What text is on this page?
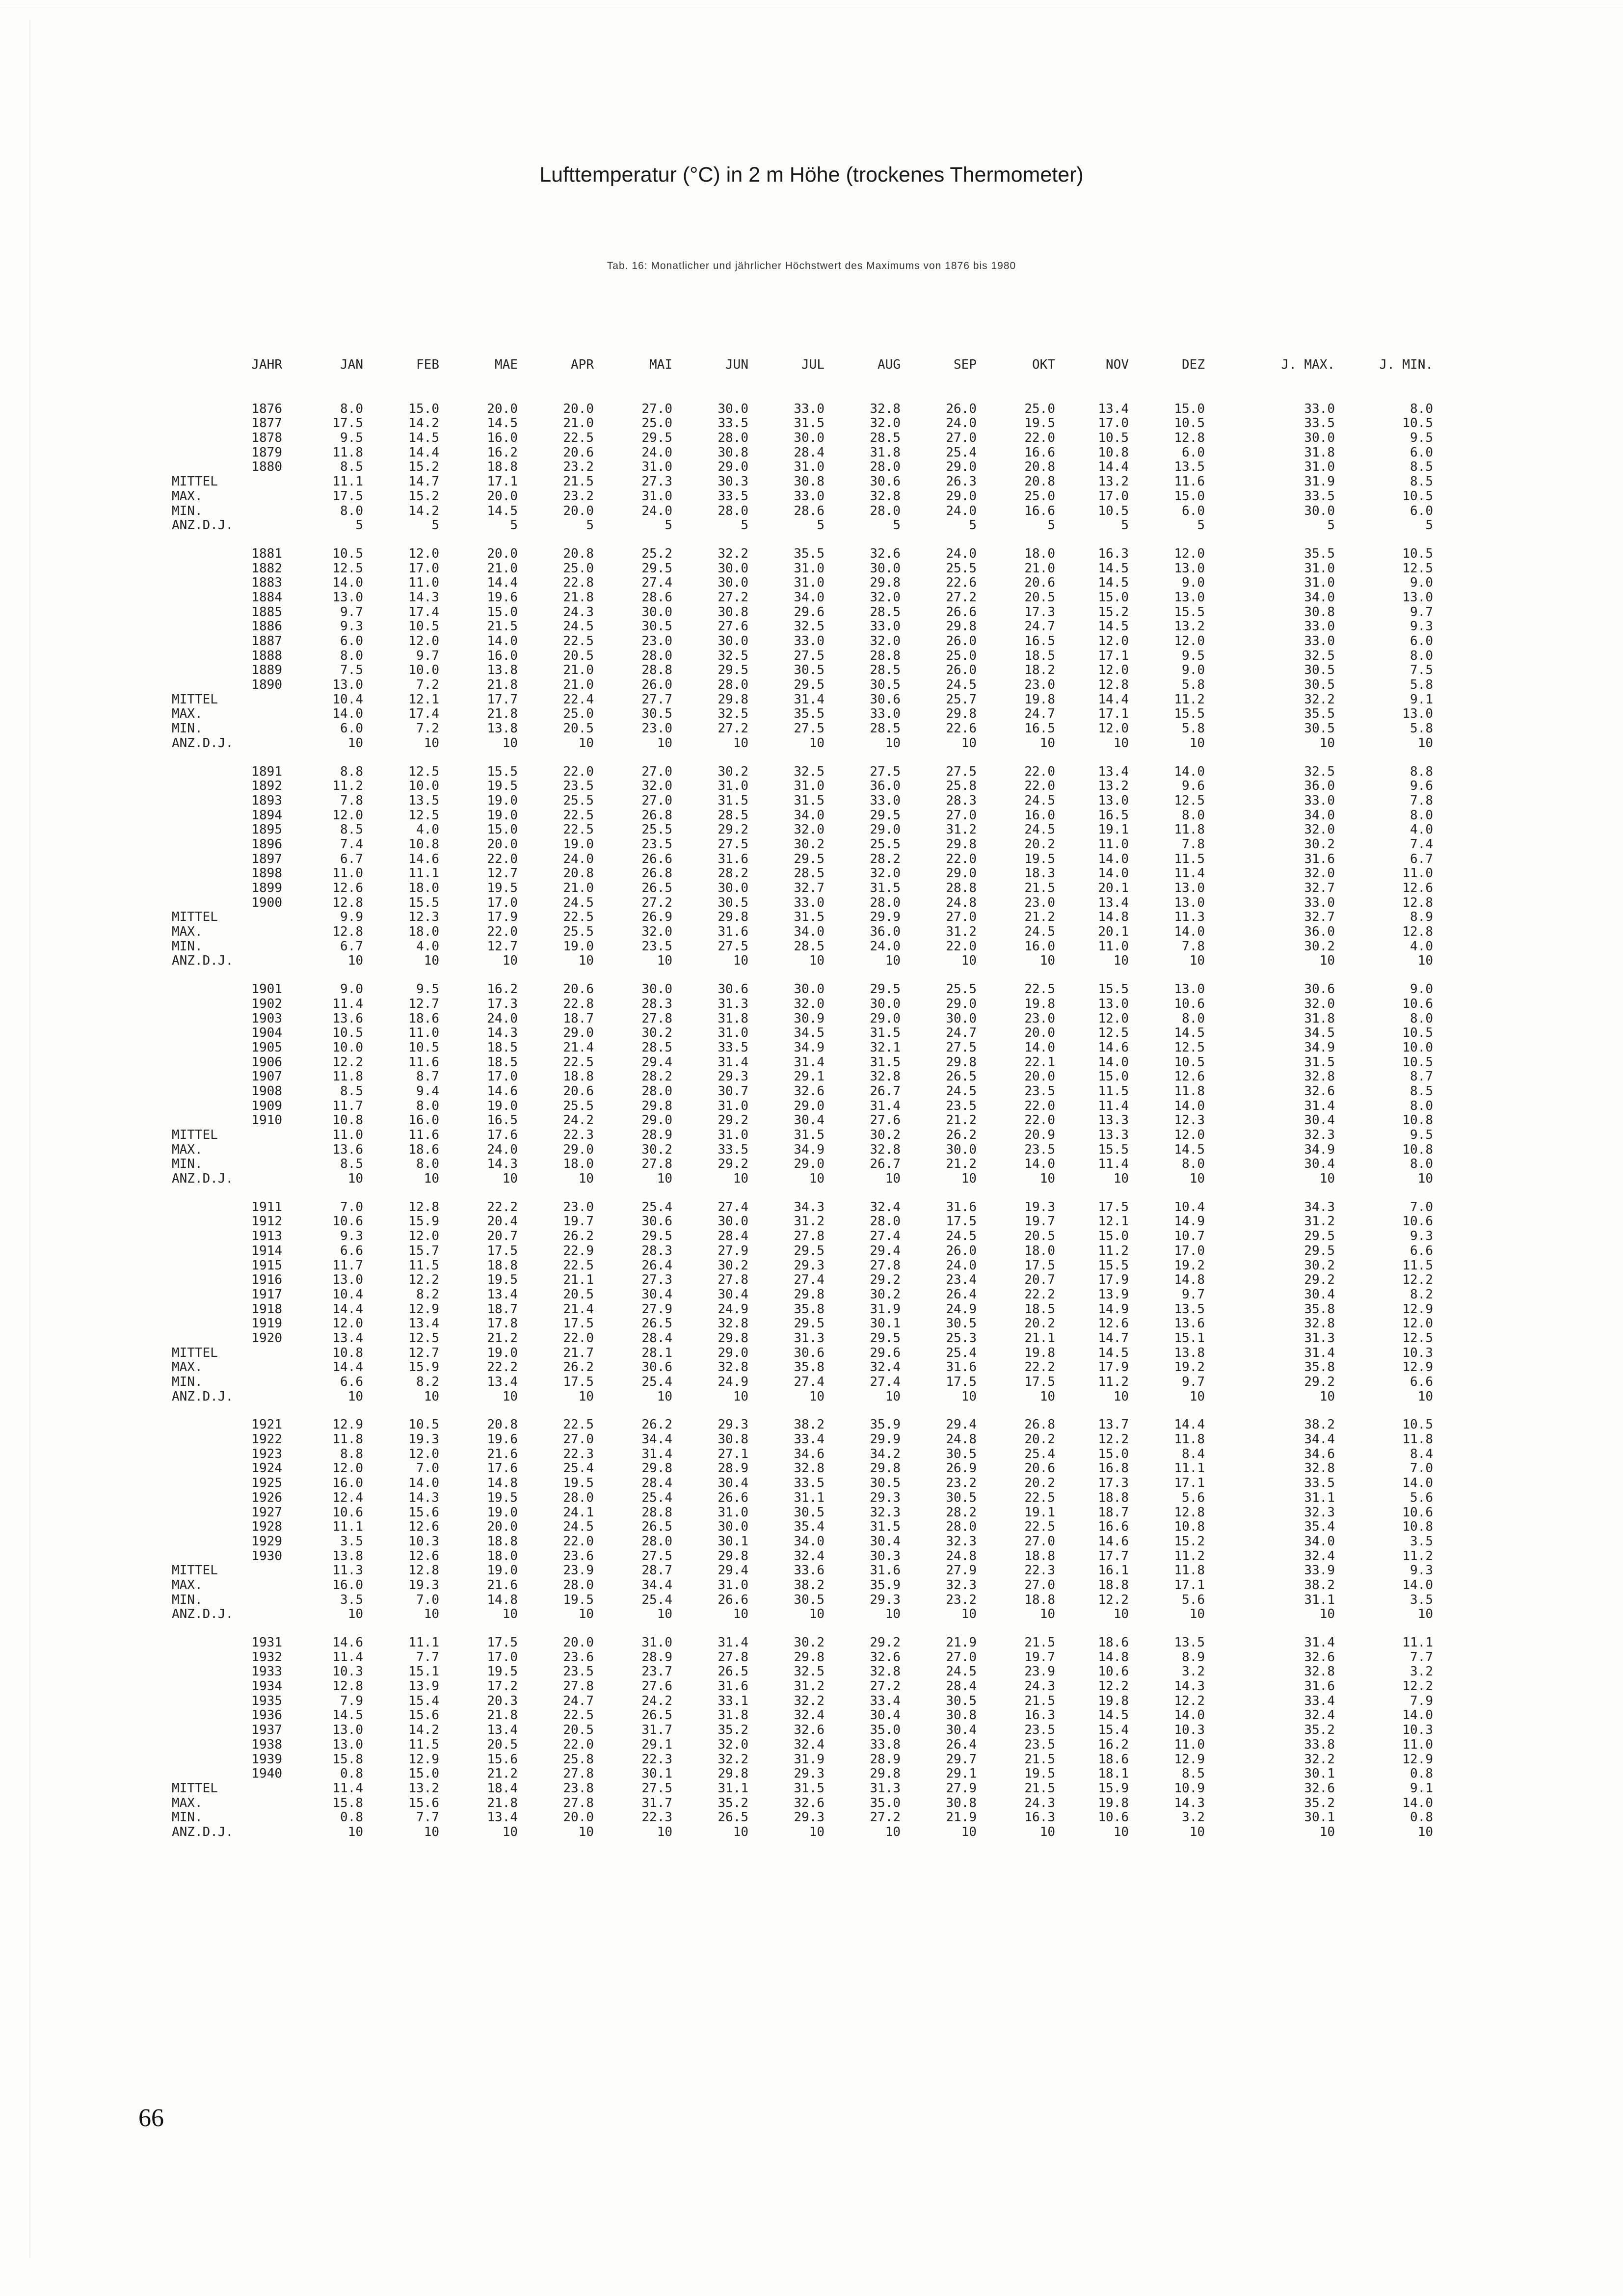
Lufttemperatur (°C) in 2 m Höhe (trockenes Thermometer)
Tab. 16: Monatlicher und jährlicher Höchstwert des Maximums von 1876 bis 1980
JAHR	JAN	FEB	MAE	APR	MAI	JUN	JUL	AUG	SEP	OKT	NOV	DEZ	J. MAX.	J. MIN.
1876	8.0	15.0	20.0	20.0	27.0	30.0	33.0	32.8	26.0	25.0	13.4	15.0	33.0	8.0
1877	17.5	14.2	14.5	21.0	25.0	33.5	31.5	32.0	24.0	19.5	17.0	10.5	33.5	10.5
1878	9.5	14.5	16.0	22.5	29.5	28.0	30.0	28.5	27.0	22.0	10.5	12.8	30.0	9.5
1879	11.8	14.4	16.2	20.6	24.0	30.8	28.4	31.8	25.4	16.6	10.8	6.0	31.8	6.0
1880	8.5	15.2	18.8	23.2	31.0	29.0	31.0	28.0	29.0	20.8	14.4	13.5	31.0	8.5
MITTEL	11.1	14.7	17.1	21.5	27.3	30.3	30.8	30.6	26.3	20.8	13.2	11.6	31.9	8.5
MAX.	17.5	15.2	20.0	23.2	31.0	33.5	33.0	32.8	29.0	25.0	17.0	15.0	33.5	10.5
MIN.	8.0	14.2	14.5	20.0	24.0	28.0	28.6	28.0	24.0	16.6	10.5	6.0	30.0	6.0
ANZ.D.J.	5	5	5	5	5	5	5	5	5	5	5	5	5	5
1881	10.5	12.0	20.0	20.8	25.2	32.2	35.5	32.6	24.0	18.0	16.3	12.0	35.5	10.5
1882	12.5	17.0	21.0	25.0	29.5	30.0	31.0	30.0	25.5	21.0	14.5	13.0	31.0	12.5
1883	14.0	11.0	14.4	22.8	27.4	30.0	31.0	29.8	22.6	20.6	14.5	9.0	31.0	9.0
1884	13.0	14.3	19.6	21.8	28.6	27.2	34.0	32.0	27.2	20.5	15.0	13.0	34.0	13.0
1885	9.7	17.4	15.0	24.3	30.0	30.8	29.6	28.5	26.6	17.3	15.2	15.5	30.8	9.7
1886	9.3	10.5	21.5	24.5	30.5	27.6	32.5	33.0	29.8	24.7	14.5	13.2	33.0	9.3
1887	6.0	12.0	14.0	22.5	23.0	30.0	33.0	32.0	26.0	16.5	12.0	12.0	33.0	6.0
1888	8.0	9.7	16.0	20.5	28.0	32.5	27.5	28.8	25.0	18.5	17.1	9.5	32.5	8.0
1889	7.5	10.0	13.8	21.0	28.8	29.5	30.5	28.5	26.0	18.2	12.0	9.0	30.5	7.5
1890	13.0	7.2	21.8	21.0	26.0	28.0	29.5	30.5	24.5	23.0	12.8	5.8	30.5	5.8
MITTEL	10.4	12.1	17.7	22.4	27.7	29.8	31.4	30.6	25.7	19.8	14.4	11.2	32.2	9.1
MAX.	14.0	17.4	21.8	25.0	30.5	32.5	35.5	33.0	29.8	24.7	17.1	15.5	35.5	13.0
MIN.	6.0	7.2	13.8	20.5	23.0	27.2	27.5	28.5	22.6	16.5	12.0	5.8	30.5	5.8
ANZ.D.J.	10	10	10	10	10	10	10	10	10	10	10	10	10	10
1891	8.8	12.5	15.5	22.0	27.0	30.2	32.5	27.5	27.5	22.0	13.4	14.0	32.5	8.8
1892	11.2	10.0	19.5	23.5	32.0	31.0	31.0	36.0	25.8	22.0	13.2	9.6	36.0	9.6
1893	7.8	13.5	19.0	25.5	27.0	31.5	31.5	33.0	28.3	24.5	13.0	12.5	33.0	7.8
1894	12.0	12.5	19.0	22.5	26.8	28.5	34.0	29.5	27.0	16.0	16.5	8.0	34.0	8.0
1895	8.5	4.0	15.0	22.5	25.5	29.2	32.0	29.0	31.2	24.5	19.1	11.8	32.0	4.0
1896	7.4	10.8	20.0	19.0	23.5	27.5	30.2	25.5	29.8	20.2	11.0	7.8	30.2	7.4
1897	6.7	14.6	22.0	24.0	26.6	31.6	29.5	28.2	22.0	19.5	14.0	11.5	31.6	6.7
1898	11.0	11.1	12.7	20.8	26.8	28.2	28.5	32.0	29.0	18.3	14.0	11.4	32.0	11.0
1899	12.6	18.0	19.5	21.0	26.5	30.0	32.7	31.5	28.8	21.5	20.1	13.0	32.7	12.6
1900	12.8	15.5	17.0	24.5	27.2	30.5	33.0	28.0	24.8	23.0	13.4	13.0	33.0	12.8
MITTEL	9.9	12.3	17.9	22.5	26.9	29.8	31.5	29.9	27.0	21.2	14.8	11.3	32.7	8.9
MAX.	12.8	18.0	22.0	25.5	32.0	31.6	34.0	36.0	31.2	24.5	20.1	14.0	36.0	12.8
MIN.	6.7	4.0	12.7	19.0	23.5	27.5	28.5	24.0	22.0	16.0	11.0	7.8	30.2	4.0
ANZ.D.J.	10	10	10	10	10	10	10	10	10	10	10	10	10	10
1901	9.0	9.5	16.2	20.6	30.0	30.6	30.0	29.5	25.5	22.5	15.5	13.0	30.6	9.0
1902	11.4	12.7	17.3	22.8	28.3	31.3	32.0	30.0	29.0	19.8	13.0	10.6	32.0	10.6
1903	13.6	18.6	24.0	18.7	27.8	31.8	30.9	29.0	30.0	23.0	12.0	8.0	31.8	8.0
1904	10.5	11.0	14.3	29.0	30.2	31.0	34.5	31.5	24.7	20.0	12.5	14.5	34.5	10.5
1905	10.0	10.5	18.5	21.4	28.5	33.5	34.9	32.1	27.5	14.0	14.6	12.5	34.9	10.0
1906	12.2	11.6	18.5	22.5	29.4	31.4	31.4	31.5	29.8	22.1	14.0	10.5	31.5	10.5
1907	11.8	8.7	17.0	18.8	28.2	29.3	29.1	32.8	26.5	20.0	15.0	12.6	32.8	8.7
1908	8.5	9.4	14.6	20.6	28.0	30.7	32.6	26.7	24.5	23.5	11.5	11.8	32.6	8.5
1909	11.7	8.0	19.0	25.5	29.8	31.0	29.0	31.4	23.5	22.0	11.4	14.0	31.4	8.0
1910	10.8	16.0	16.5	24.2	29.0	29.2	30.4	27.6	21.2	22.0	13.3	12.3	30.4	10.8
MITTEL	11.0	11.6	17.6	22.3	28.9	31.0	31.5	30.2	26.2	20.9	13.3	12.0	32.3	9.5
MAX.	13.6	18.6	24.0	29.0	30.2	33.5	34.9	32.8	30.0	23.5	15.5	14.5	34.9	10.8
MIN.	8.5	8.0	14.3	18.0	27.8	29.2	29.0	26.7	21.2	14.0	11.4	8.0	30.4	8.0
ANZ.D.J.	10	10	10	10	10	10	10	10	10	10	10	10	10	10
1911	7.0	12.8	22.2	23.0	25.4	27.4	34.3	32.4	31.6	19.3	17.5	10.4	34.3	7.0
1912	10.6	15.9	20.4	19.7	30.6	30.0	31.2	28.0	17.5	19.7	12.1	14.9	31.2	10.6
1913	9.3	12.0	20.7	26.2	29.5	28.4	27.8	27.4	24.5	20.5	15.0	10.7	29.5	9.3
1914	6.6	15.7	17.5	22.9	28.3	27.9	29.5	29.4	26.0	18.0	11.2	17.0	29.5	6.6
1915	11.7	11.5	18.8	22.5	26.4	30.2	29.3	27.8	24.0	17.5	15.5	19.2	30.2	11.5
1916	13.0	12.2	19.5	21.1	27.3	27.8	27.4	29.2	23.4	20.7	17.9	14.8	29.2	12.2
1917	10.4	8.2	13.4	20.5	30.4	30.4	29.8	30.2	26.4	22.2	13.9	9.7	30.4	8.2
1918	14.4	12.9	18.7	21.4	27.9	24.9	35.8	31.9	24.9	18.5	14.9	13.5	35.8	12.9
1919	12.0	13.4	17.8	17.5	26.5	32.8	29.5	30.1	30.5	20.2	12.6	13.6	32.8	12.0
1920	13.4	12.5	21.2	22.0	28.4	29.8	31.3	29.5	25.3	21.1	14.7	15.1	31.3	12.5
MITTEL	10.8	12.7	19.0	21.7	28.1	29.0	30.6	29.6	25.4	19.8	14.5	13.8	31.4	10.3
MAX.	14.4	15.9	22.2	26.2	30.6	32.8	35.8	32.4	31.6	22.2	17.9	19.2	35.8	12.9
MIN.	6.6	8.2	13.4	17.5	25.4	24.9	27.4	27.4	17.5	17.5	11.2	9.7	29.2	6.6
ANZ.D.J.	10	10	10	10	10	10	10	10	10	10	10	10	10	10
1921	12.9	10.5	20.8	22.5	26.2	29.3	38.2	35.9	29.4	26.8	13.7	14.4	38.2	10.5
1922	11.8	19.3	19.6	27.0	34.4	30.8	33.4	29.9	24.8	20.2	12.2	11.8	34.4	11.8
1923	8.8	12.0	21.6	22.3	31.4	27.1	34.6	34.2	30.5	25.4	15.0	8.4	34.6	8.4
1924	12.0	7.0	17.6	25.4	29.8	28.9	32.8	29.8	26.9	20.6	16.8	11.1	32.8	7.0
1925	16.0	14.0	14.8	19.5	28.4	30.4	33.5	30.5	23.2	20.2	17.3	17.1	33.5	14.0
1926	12.4	14.3	19.5	28.0	25.4	26.6	31.1	29.3	30.5	22.5	18.8	5.6	31.1	5.6
1927	10.6	15.6	19.0	24.1	28.8	31.0	30.5	32.3	28.2	19.1	18.7	12.8	32.3	10.6
1928	11.1	12.6	20.0	24.5	26.5	30.0	35.4	31.5	28.0	22.5	16.6	10.8	35.4	10.8
1929	3.5	10.3	18.8	22.0	28.0	30.1	34.0	30.4	32.3	27.0	14.6	15.2	34.0	3.5
1930	13.8	12.6	18.0	23.6	27.5	29.8	32.4	30.3	24.8	18.8	17.7	11.2	32.4	11.2
MITTEL	11.3	12.8	19.0	23.9	28.7	29.4	33.6	31.6	27.9	22.3	16.1	11.8	33.9	9.3
MAX.	16.0	19.3	21.6	28.0	34.4	31.0	38.2	35.9	32.3	27.0	18.8	17.1	38.2	14.0
MIN.	3.5	7.0	14.8	19.5	25.4	26.6	30.5	29.3	23.2	18.8	12.2	5.6	31.1	3.5
ANZ.D.J.	10	10	10	10	10	10	10	10	10	10	10	10	10	10
1931	14.6	11.1	17.5	20.0	31.0	31.4	30.2	29.2	21.9	21.5	18.6	13.5	31.4	11.1
1932	11.4	7.7	17.0	23.6	28.9	27.8	29.8	32.6	27.0	19.7	14.8	8.9	32.6	7.7
1933	10.3	15.1	19.5	23.5	23.7	26.5	32.5	32.8	24.5	23.9	10.6	3.2	32.8	3.2
1934	12.8	13.9	17.2	27.8	27.6	31.6	31.2	27.2	28.4	24.3	12.2	14.3	31.6	12.2
1935	7.9	15.4	20.3	24.7	24.2	33.1	32.2	33.4	30.5	21.5	19.8	12.2	33.4	7.9
1936	14.5	15.6	21.8	22.5	26.5	31.8	32.4	30.4	30.8	16.3	14.5	14.0	32.4	14.0
1937	13.0	14.2	13.4	20.5	31.7	35.2	32.6	35.0	30.4	23.5	15.4	10.3	35.2	10.3
1938	13.0	11.5	20.5	22.0	29.1	32.0	32.4	33.8	26.4	23.5	16.2	11.0	33.8	11.0
1939	15.8	12.9	15.6	25.8	22.3	32.2	31.9	28.9	29.7	21.5	18.6	12.9	32.2	12.9
1940	0.8	15.0	21.2	27.8	30.1	29.8	29.3	29.8	29.1	19.5	18.1	8.5	30.1	0.8
MITTEL	11.4	13.2	18.4	23.8	27.5	31.1	31.5	31.3	27.9	21.5	15.9	10.9	32.6	9.1
MAX.	15.8	15.6	21.8	27.8	31.7	35.2	32.6	35.0	30.8	24.3	19.8	14.3	35.2	14.0
MIN.	0.8	7.7	13.4	20.0	22.3	26.5	29.3	27.2	21.9	16.3	10.6	3.2	30.1	0.8
ANZ.D.J.	10	10	10	10	10	10	10	10	10	10	10	10	10	10
66
